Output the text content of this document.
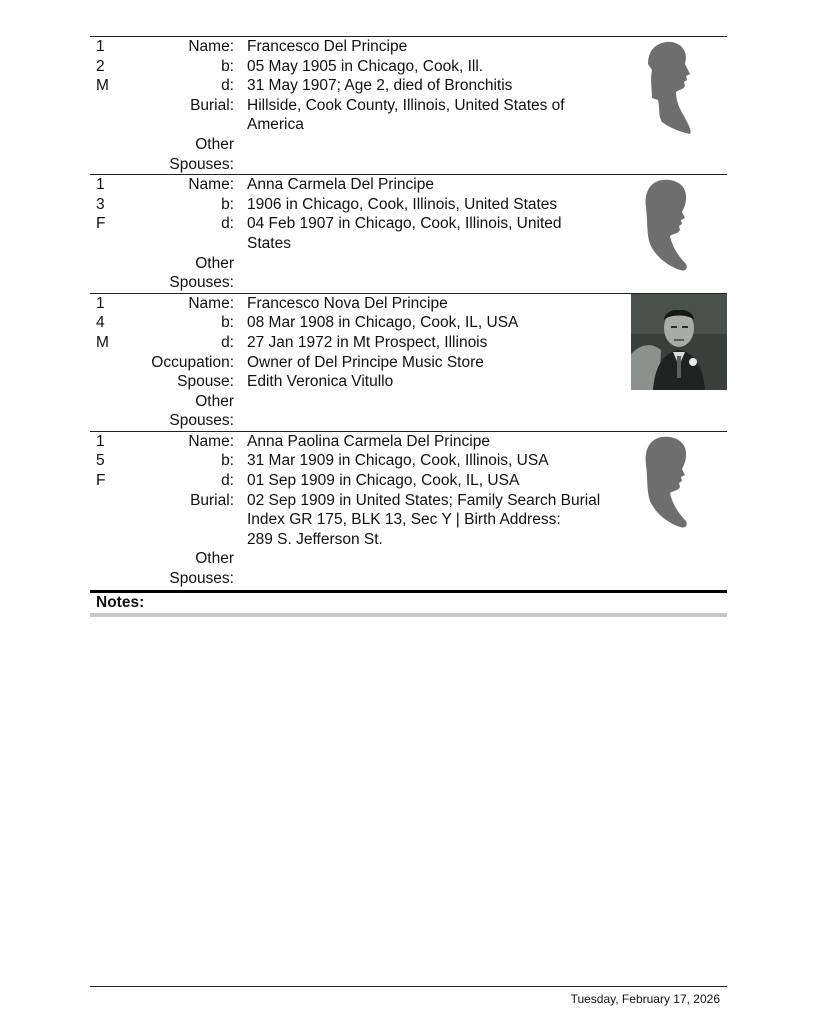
1	Name: Francesco Del Principe
2	b: 05 May 1905 in Chicago, Cook, Ill.
M	d: 31 May 1907; Age 2, died of Bronchitis
Burial: Hillside, Cook County, Illinois, United States of
America
Other
Spouses:
1	Name: Anna Carmela Del Principe
3	b: 1906 in Chicago, Cook, Illinois, United States
F	d: 04 Feb 1907 in Chicago, Cook, Illinois, United
States
Other
Spouses:
1	Name: Francesco Nova Del Principe
4	b: 08 Mar 1908 in Chicago, Cook, IL, USA
M	d: 27 Jan 1972 in Mt Prospect, Illinois
Occupation: Owner of Del Principe Music Store
Spouse: Edith Veronica Vitullo
Other
Spouses:
1	Name: Anna Paolina Carmela Del Principe
5	b: 31 Mar 1909 in Chicago, Cook, Illinois, USA
F	d: 01 Sep 1909 in Chicago, Cook, IL, USA
Burial: 02 Sep 1909 in United States; Family Search Burial
Index GR 175, BLK 13, Sec Y | Birth Address:
289 S. Jefferson St.
Other
Spouses:
Notes:
Tuesday, February 17, 2026
